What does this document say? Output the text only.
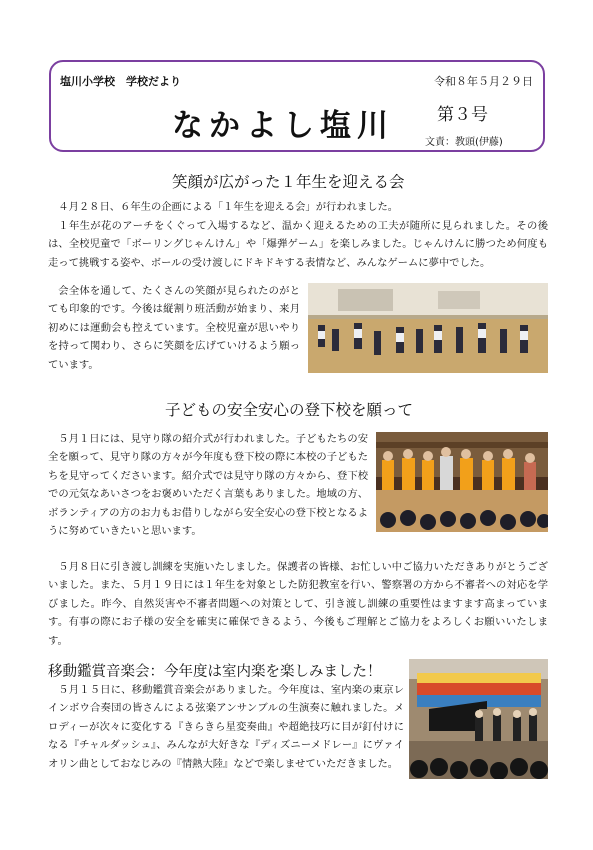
塩川小学校　学校だより	令和８年５月２９日
なかよし塩川	第３号
文責：教頭(伊藤)
笑顔が広がった１年生を迎える会
４月２８日、６年生の企画による「１年生を迎える会」が行われました。
１年生が花のアーチをくぐって入場するなど、温かく迎えるための工夫が随所に見られました。その後は、全校児童で「ボーリングじゃんけん」や「爆弾ゲーム」を楽しみました。じゃんけんに勝つため何度も走って挑戦する姿や、ボールの受け渡しにドキドキする表情など、みんなゲームに夢中でした。
会全体を通して、たくさんの笑顔が見られたのがとても印象的です。今後は縦割り班活動が始まり、来月初めには運動会も控えています。全校児童が思いやりを持って関わり、さらに笑顔を広げていけるよう願っています。
子どもの安全安心の登下校を願って
５月１日には、見守り隊の紹介式が行われました。子どもたちの安全を願って、見守り隊の方々が今年度も登下校の際に本校の子どもたちを見守ってくださいます。紹介式では見守り隊の方々から、登下校での元気なあいさつをお褒めいただく言葉もありました。地域の方、ボランティアの方のお力もお借りしながら安全安心の登下校となるように努めていきたいと思います。
５月８日に引き渡し訓練を実施いたしました。保護者の皆様、お忙しい中ご協力いただきありがとうございました。また、５月１９日には１年生を対象とした防犯教室を行い、警察署の方から不審者への対応を学びました。昨今、自然災害や不審者問題への対策として、引き渡し訓練の重要性はますます高まっています。有事の際にお子様の安全を確実に確保できるよう、今後もご理解とご協力をよろしくお願いいたします。
移動鑑賞音楽会：今年度は室内楽を楽しみました！
５月１５日に、移動鑑賞音楽会がありました。今年度は、室内楽の東京レインボウ合奏団の皆さんによる弦楽アンサンブルの生演奏に触れました。メロディーが次々に変化する『きらきら星変奏曲』や超絶技巧に目が釘付けになる『チャルダッシュ』、みんなが大好きな『ディズニーメドレー』にヴァイオリン曲としておなじみの『情熱大陸』などで楽しませていただきました。
